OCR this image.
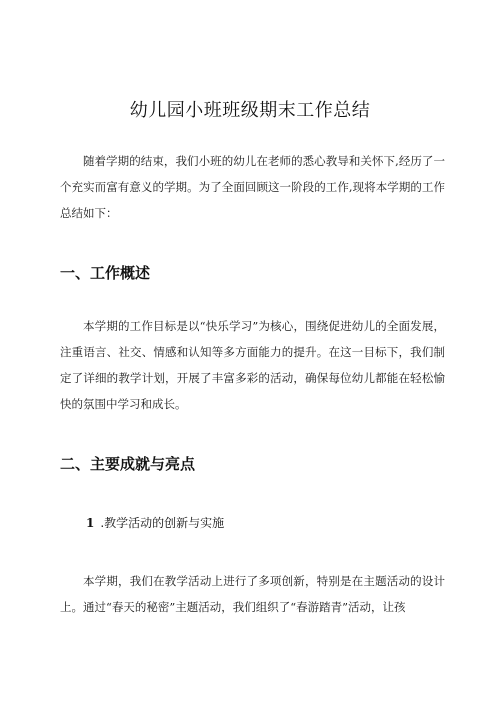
幼儿园小班班级期末工作总结

随着学期的结束，我们小班的幼儿在老师的悉心教导和关怀下,经历了一个充实而富有意义的学期。为了全面回顾这一阶段的工作,现将本学期的工作总结如下：

一、工作概述

本学期的工作目标是以“快乐学习”为核心，围绕促进幼儿的全面发展，注重语言、社交、情感和认知等多方面能力的提升。在这一目标下，我们制定了详细的教学计划，开展了丰富多彩的活动，确保每位幼儿都能在轻松愉快的氛围中学习和成长。

二、主要成就与亮点
1 .教学活动的创新与实施

本学期，我们在教学活动上进行了多项创新，特别是在主题活动的设计上。通过“春天的秘密”主题活动，我们组织了“春游踏青”活动，让孩
